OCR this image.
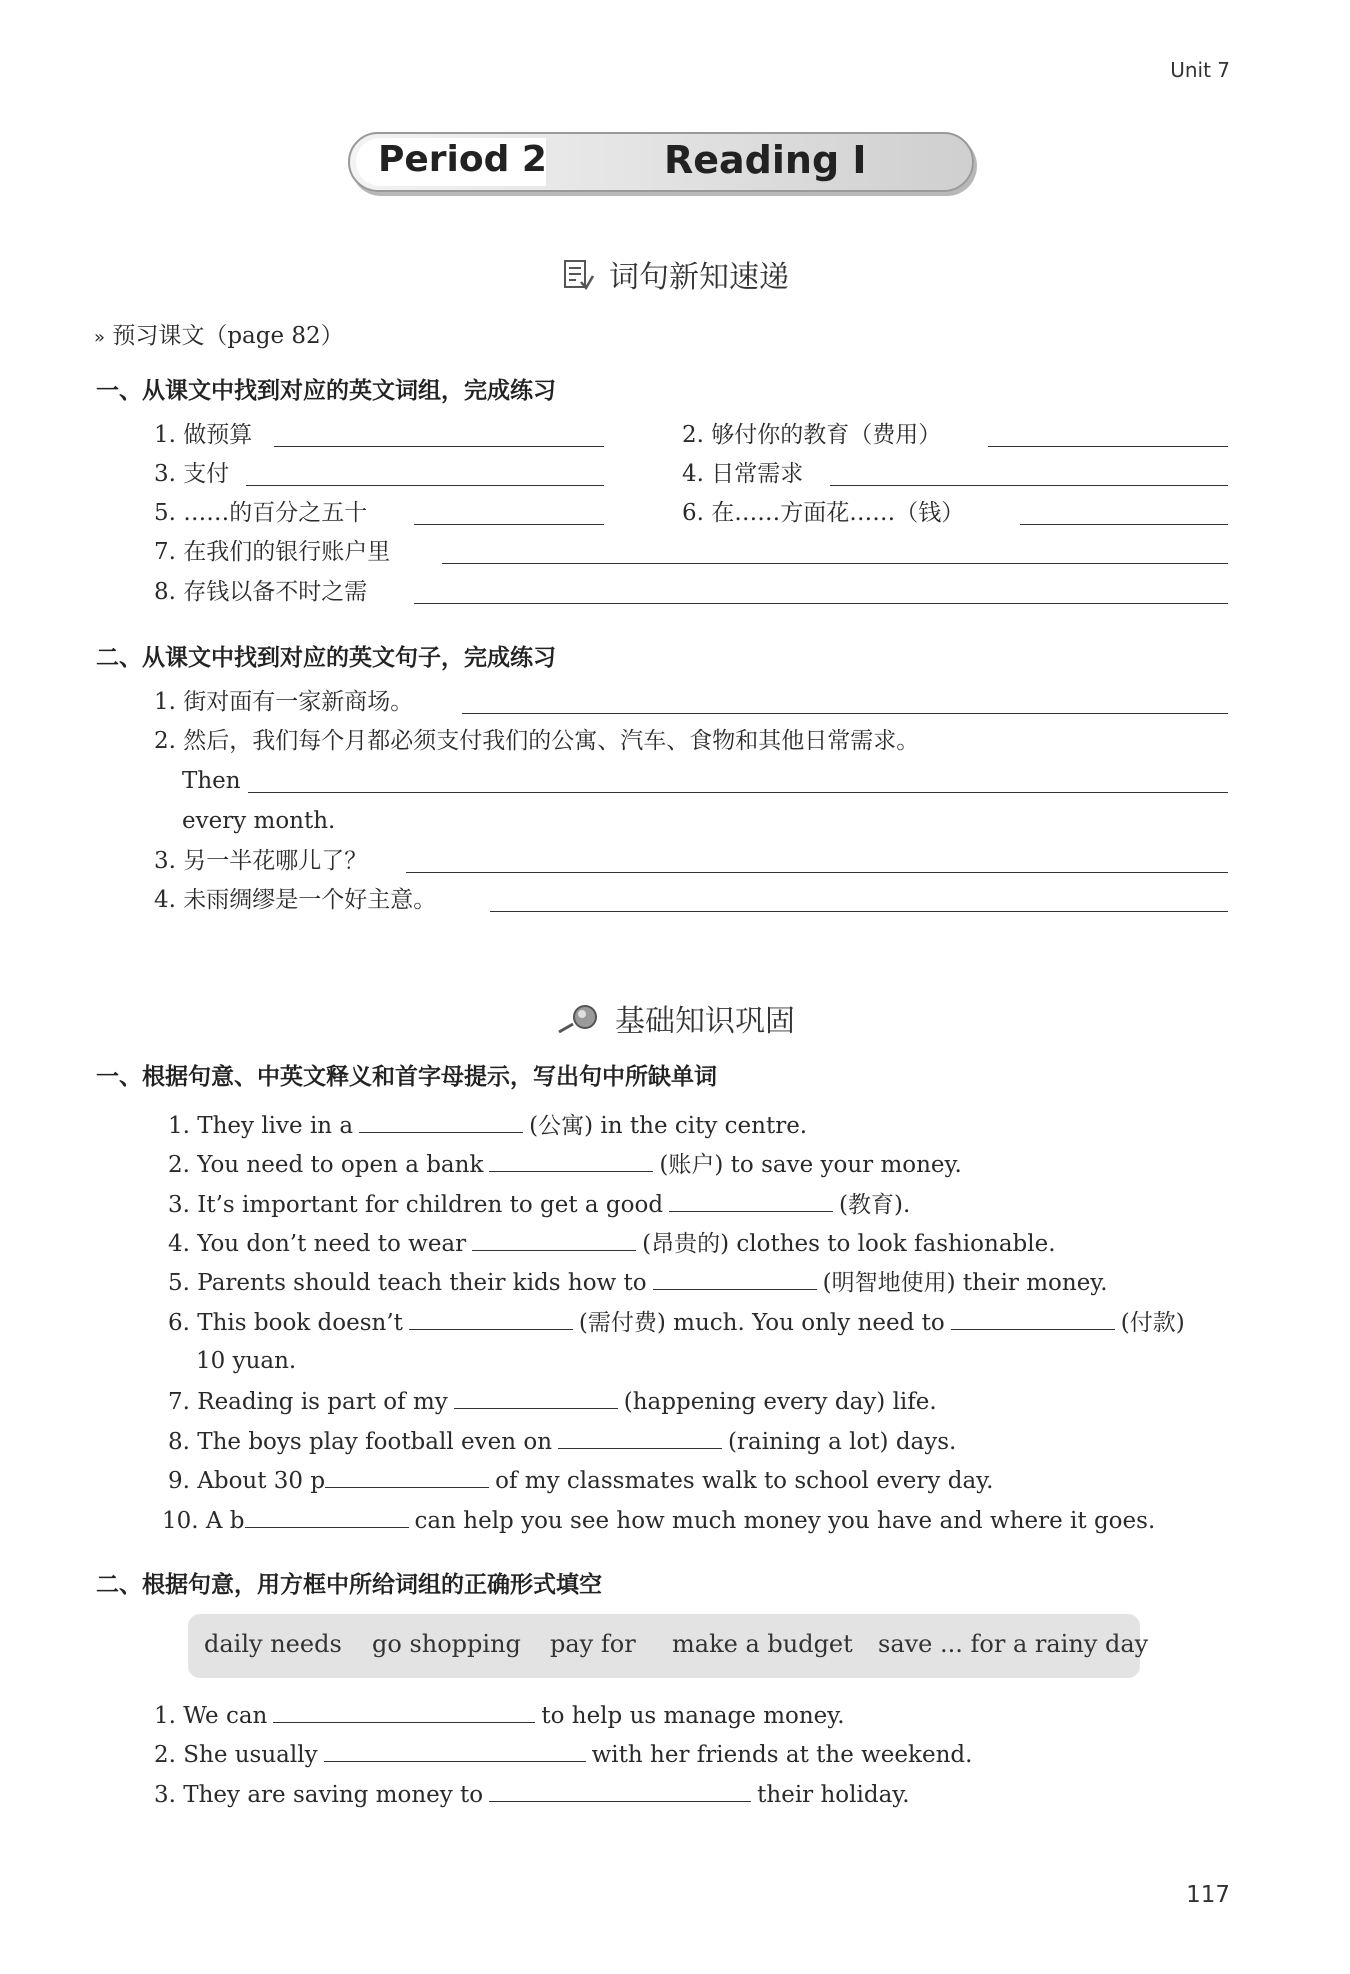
Unit 7
Period 2	Reading I
词句新知速递
» 预习课文（page 82）
一、从课文中找到对应的英文词组，完成练习
1. 做预算	2. 够付你的教育（费用）
3. 支付	4. 日常需求
5. ……的百分之五十	6. 在……方面花……（钱）
7. 在我们的银行账户里
8. 存钱以备不时之需
二、从课文中找到对应的英文句子，完成练习
1. 街对面有一家新商场。
2. 然后，我们每个月都必须支付我们的公寓、汽车、食物和其他日常需求。
Then
every month.
3. 另一半花哪儿了？
4. 未雨绸缪是一个好主意。
基础知识巩固
一、根据句意、中英文释义和首字母提示，写出句中所缺单词
1. They live in a	(公寓) in the city centre.
2. You need to open a bank	(账户) to save your money.
3. It’s important for children to get a good	(教育).
4. You don’t need to wear	(昂贵的) clothes to look fashionable.
5. Parents should teach their kids how to	(明智地使用) their money.
6. This book doesn’t	(需付费) much. You only need to	(付款)
10 yuan.
7. Reading is part of my	(happening every day) life.
8. The boys play football even on	(raining a lot) days.
9. About 30 p	of my classmates walk to school every day.
10. A b	can help you see how much money you have and where it goes.
二、根据句意，用方框中所给词组的正确形式填空
daily needs go shopping pay for make a budget save ... for a rainy day
1. We can	to help us manage money.
2. She usually	with her friends at the weekend.
3. They are saving money to	their holiday.
117
